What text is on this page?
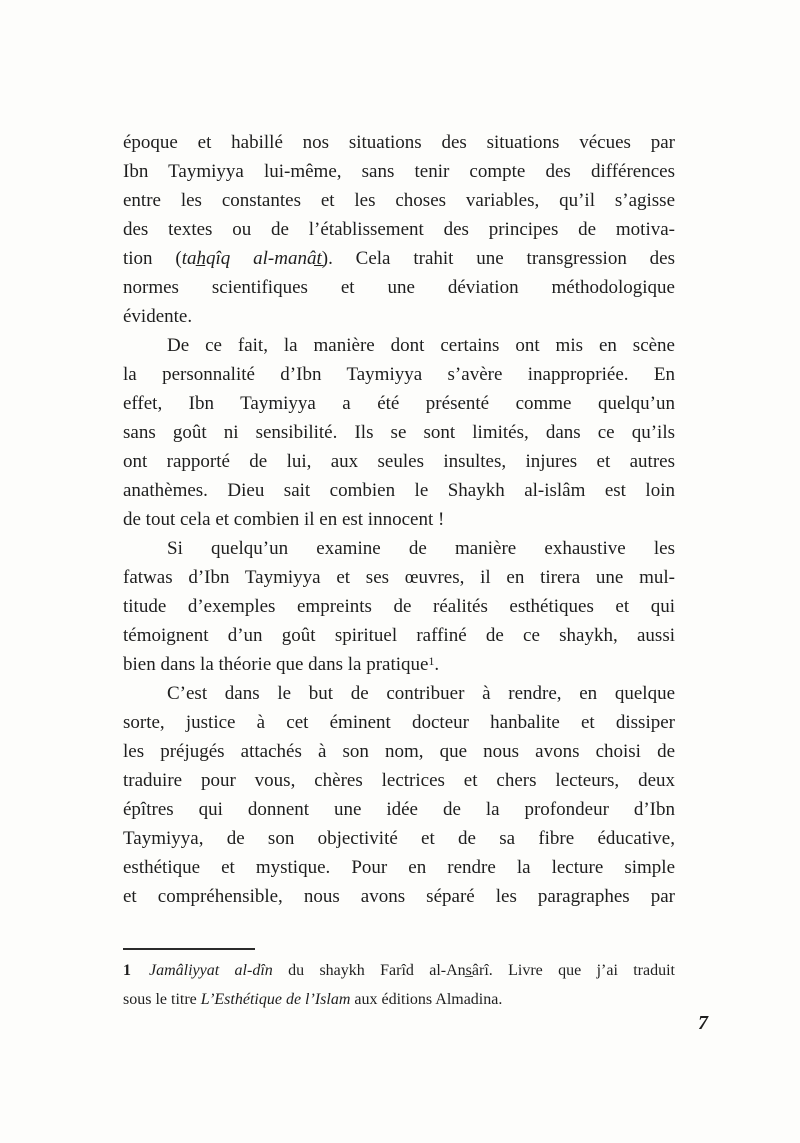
époque et habillé nos situations des situations vécues par
Ibn Taymiyya lui-même, sans tenir compte des différences
entre les constantes et les choses variables, qu’il s’agisse
des textes ou de l’établissement des principes de motiva-
tion (tah̲qîq al-manât̲). Cela trahit une transgression des
normes scientifiques et une déviation méthodologique
évidente.
De ce fait, la manière dont certains ont mis en scène
la personnalité d’Ibn Taymiyya s’avère inappropriée. En
effet, Ibn Taymiyya a été présenté comme quelqu’un
sans goût ni sensibilité. Ils se sont limités, dans ce qu’ils
ont rapporté de lui, aux seules insultes, injures et autres
anathèmes. Dieu sait combien le Shaykh al-islâm est loin
de tout cela et combien il en est innocent !
Si quelqu’un examine de manière exhaustive les
fatwas d’Ibn Taymiyya et ses œuvres, il en tirera une mul-
titude d’exemples empreints de réalités esthétiques et qui
témoignent d’un goût spirituel raffiné de ce shaykh, aussi
bien dans la théorie que dans la pratique$^1$.
C’est dans le but de contribuer à rendre, en quelque
sorte, justice à cet éminent docteur hanbalite et dissiper
les préjugés attachés à son nom, que nous avons choisi de
traduire pour vous, chères lectrices et chers lecteurs, deux
épîtres qui donnent une idée de la profondeur d’Ibn
Taymiyya, de son objectivité et de sa fibre éducative,
esthétique et mystique. Pour en rendre la lecture simple
et compréhensible, nous avons séparé les paragraphes par
1 Jamâliyyat al-dîn du shaykh Farîd al-Ans̲ârî. Livre que j’ai traduit
sous le titre L’Esthétique de l’Islam aux éditions Almadina.
7
